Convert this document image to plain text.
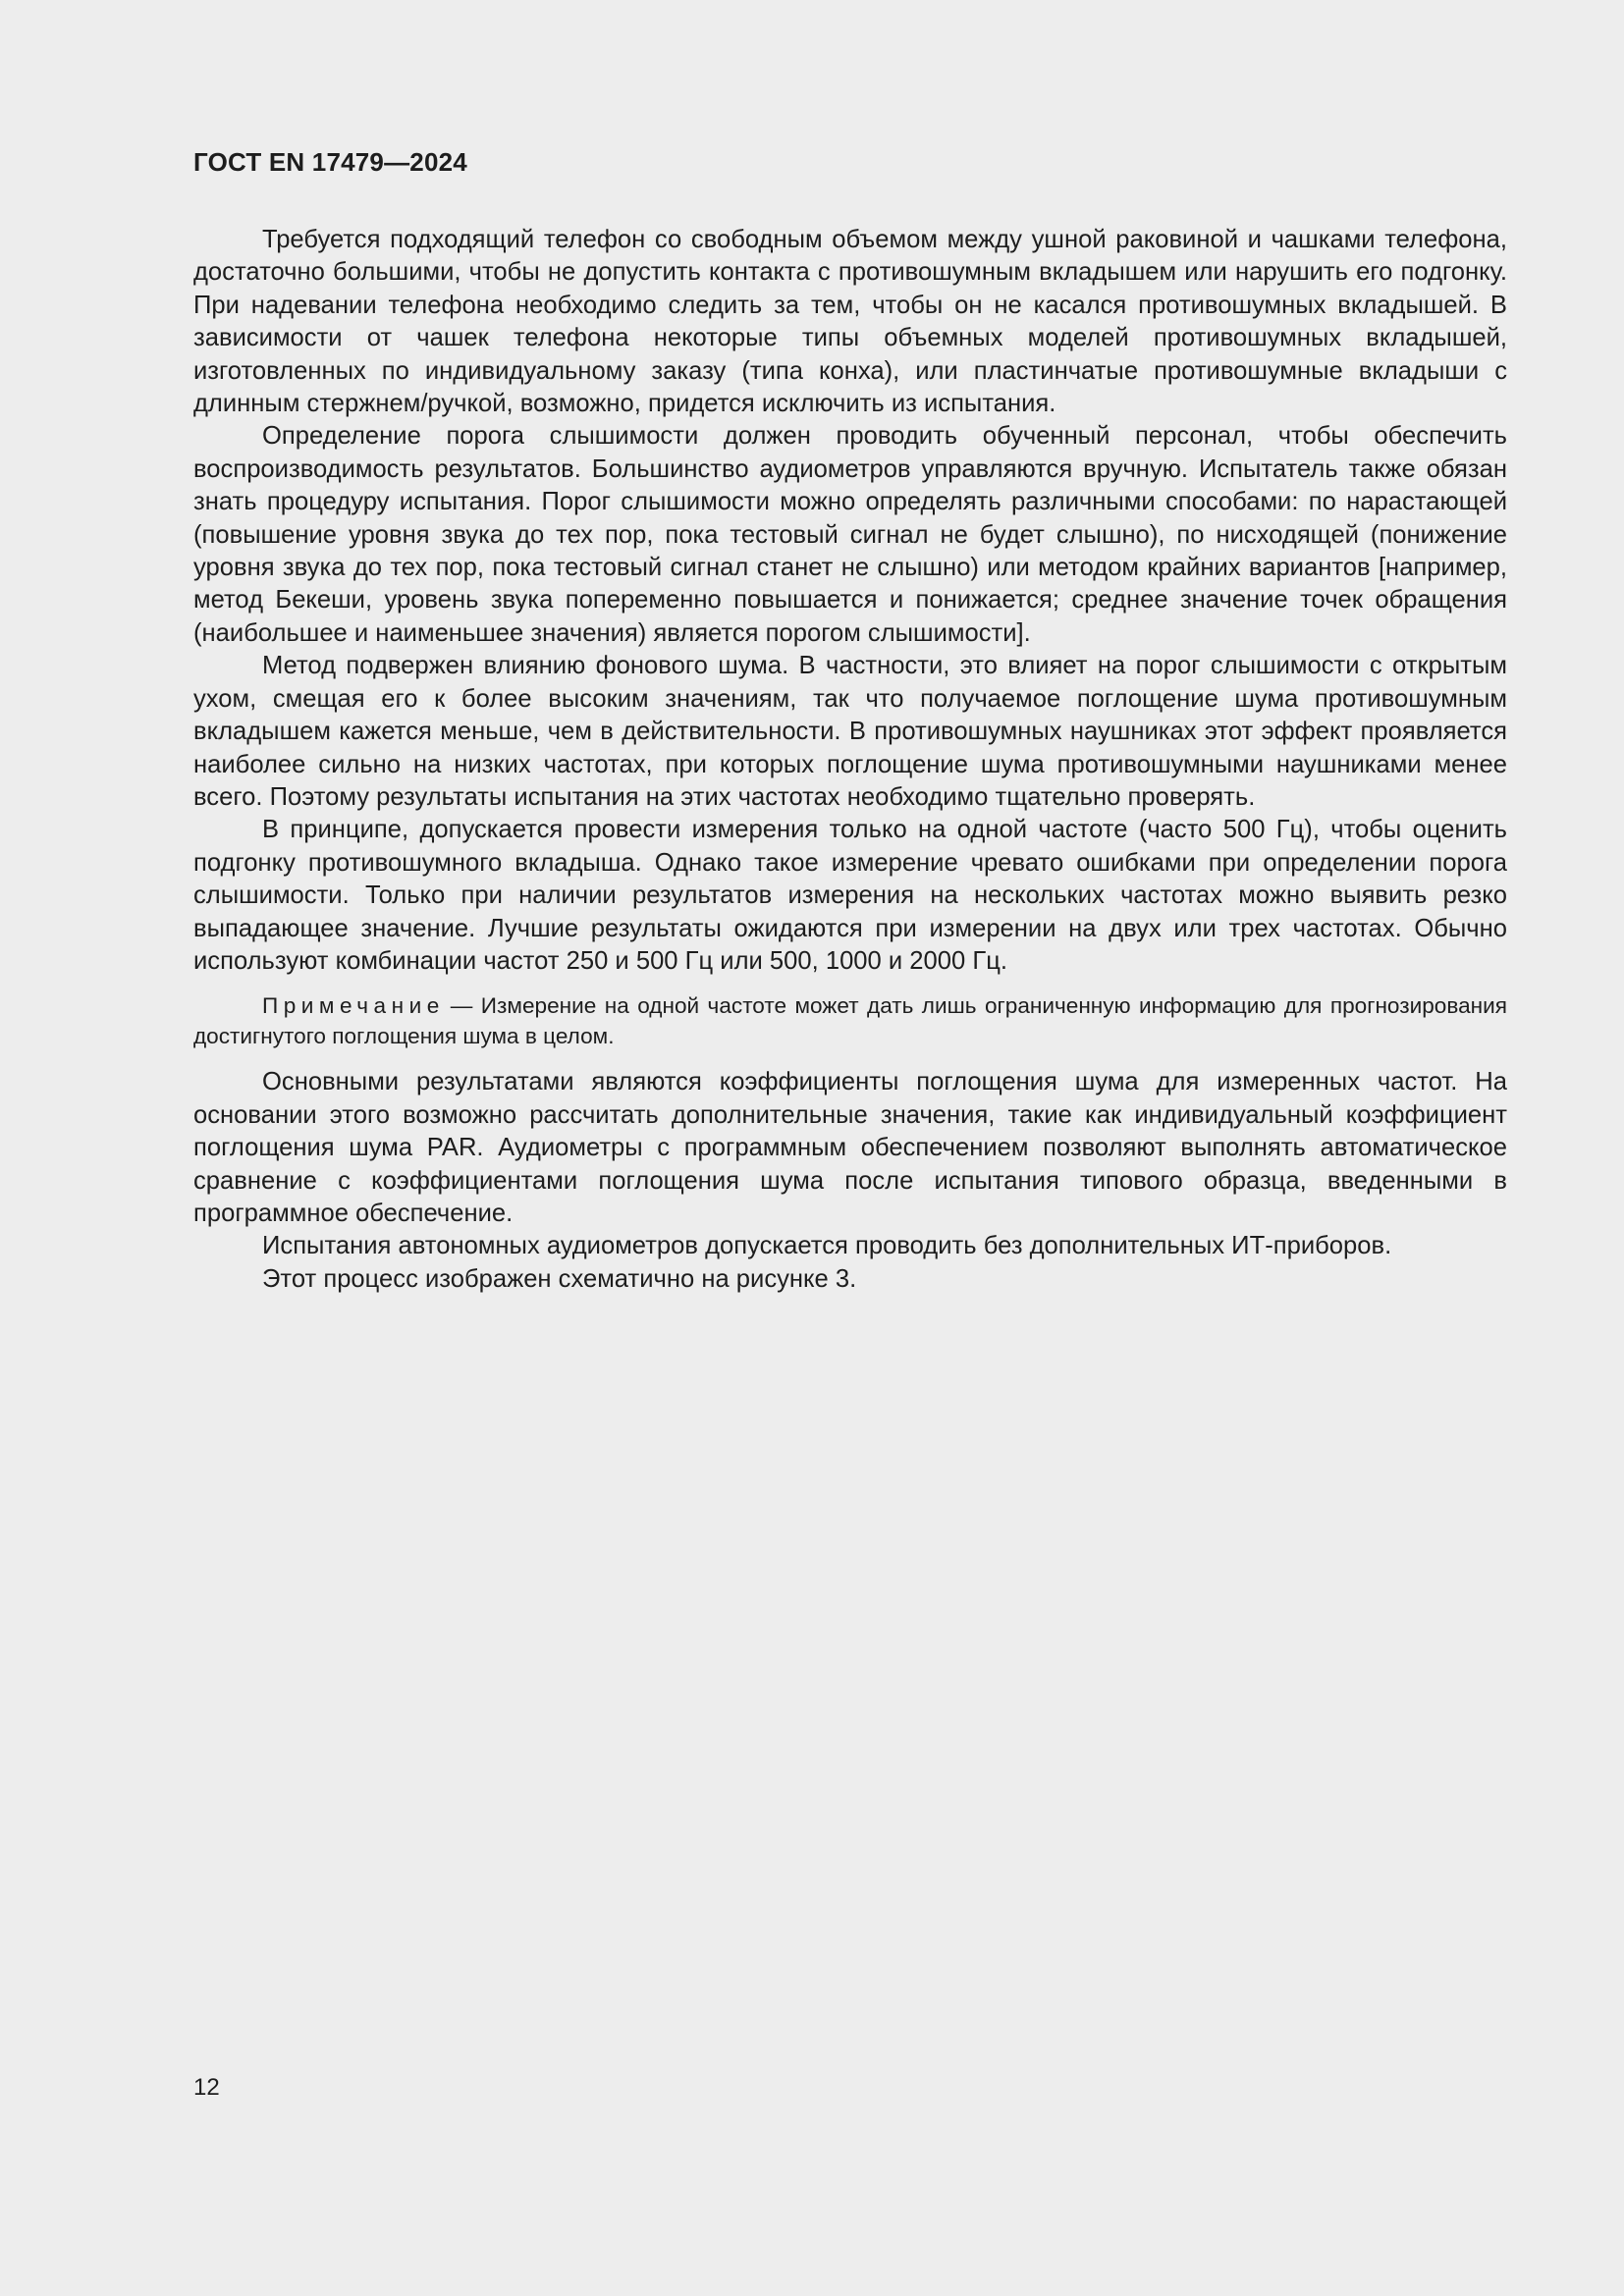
ГОСТ EN 17479—2024

Требуется подходящий телефон со свободным объемом между ушной раковиной и чашками телефона, достаточно большими, чтобы не допустить контакта с противошумным вкладышем или нарушить его подгонку. При надевании телефона необходимо следить за тем, чтобы он не касался противошумных вкладышей. В зависимости от чашек телефона некоторые типы объемных моделей противошумных вкладышей, изготовленных по индивидуальному заказу (типа конха), или пластинчатые противошумные вкладыши с длинным стержнем/ручкой, возможно, придется исключить из испытания.

Определение порога слышимости должен проводить обученный персонал, чтобы обеспечить воспроизводимость результатов. Большинство аудиометров управляются вручную. Испытатель также обязан знать процедуру испытания. Порог слышимости можно определять различными способами: по нарастающей (повышение уровня звука до тех пор, пока тестовый сигнал не будет слышно), по нисходящей (понижение уровня звука до тех пор, пока тестовый сигнал станет не слышно) или методом крайних вариантов [например, метод Бекеши, уровень звука попеременно повышается и понижается; среднее значение точек обращения (наибольшее и наименьшее значения) является порогом слышимости].

Метод подвержен влиянию фонового шума. В частности, это влияет на порог слышимости с открытым ухом, смещая его к более высоким значениям, так что получаемое поглощение шума противошумным вкладышем кажется меньше, чем в действительности. В противошумных наушниках этот эффект проявляется наиболее сильно на низких частотах, при которых поглощение шума противошумными наушниками менее всего. Поэтому результаты испытания на этих частотах необходимо тщательно проверять.

В принципе, допускается провести измерения только на одной частоте (часто 500 Гц), чтобы оценить подгонку противошумного вкладыша. Однако такое измерение чревато ошибками при определении порога слышимости. Только при наличии результатов измерения на нескольких частотах можно выявить резко выпадающее значение. Лучшие результаты ожидаются при измерении на двух или трех частотах. Обычно используют комбинации частот 250 и 500 Гц или 500, 1000 и 2000 Гц.

Примечание — Измерение на одной частоте может дать лишь ограниченную информацию для прогнозирования достигнутого поглощения шума в целом.

Основными результатами являются коэффициенты поглощения шума для измеренных частот. На основании этого возможно рассчитать дополнительные значения, такие как индивидуальный коэффициент поглощения шума PAR. Аудиометры с программным обеспечением позволяют выполнять автоматическое сравнение с коэффициентами поглощения шума после испытания типового образца, введенными в программное обеспечение.

Испытания автономных аудиометров допускается проводить без дополнительных ИТ-приборов.

Этот процесс изображен схематично на рисунке 3.

12
